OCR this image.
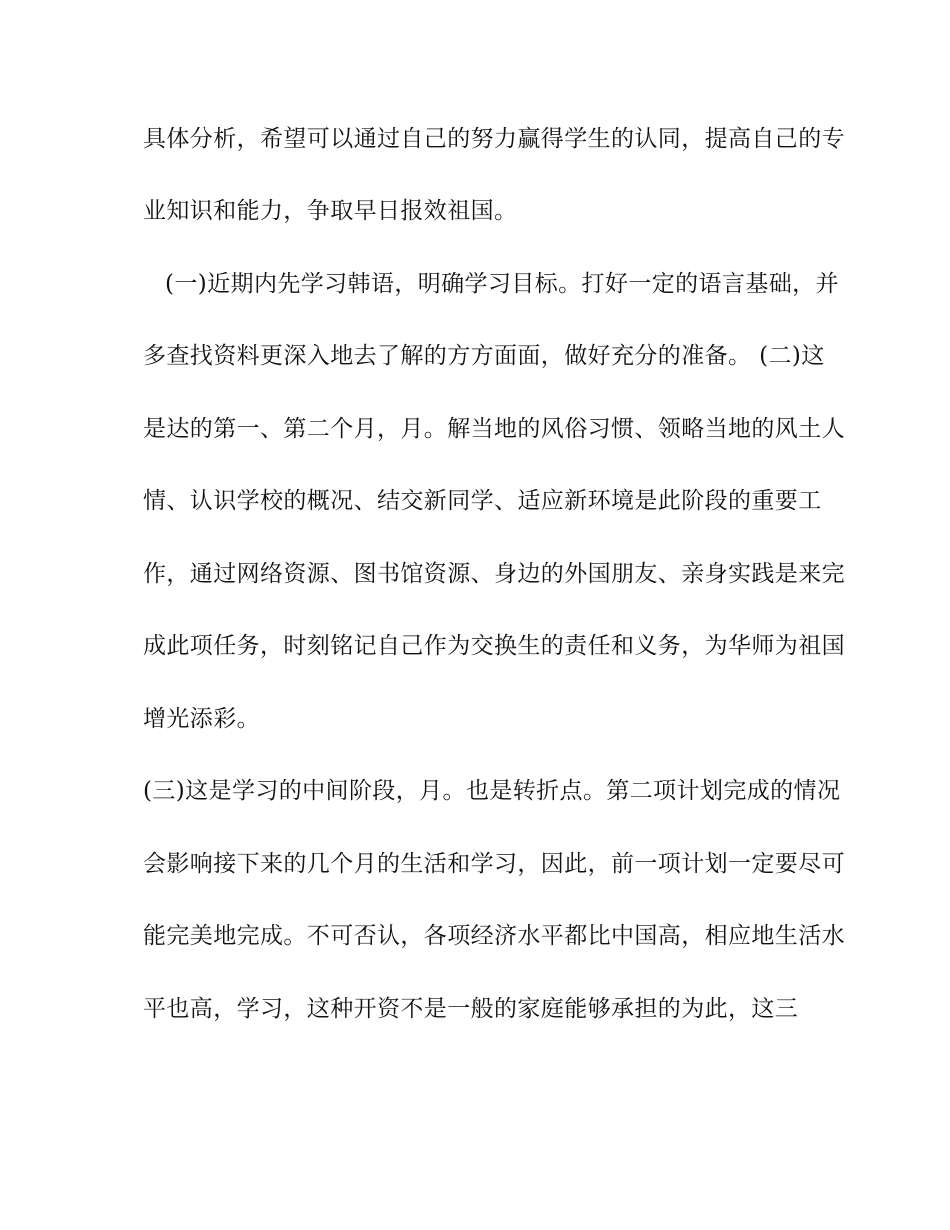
具体分析，希望可以通过自己的努力赢得学生的认同，提高自己的专
业知识和能力，争取早日报效祖国。
(一)近期内先学习韩语，明确学习目标。打好一定的语言基础，并
多查找资料更深入地去了解的方方面面，做好充分的准备。 (二)这
是达的第一、第二个月，月。解当地的风俗习惯、领略当地的风土人
情、认识学校的概况、结交新同学、适应新环境是此阶段的重要工
作，通过网络资源、图书馆资源、身边的外国朋友、亲身实践是来完
成此项任务，时刻铭记自己作为交换生的责任和义务，为华师为祖国
增光添彩。
(三)这是学习的中间阶段，月。也是转折点。第二项计划完成的情况
会影响接下来的几个月的生活和学习，因此，前一项计划一定要尽可
能完美地完成。不可否认，各项经济水平都比中国高，相应地生活水
平也高，学习，这种开资不是一般的家庭能够承担的为此，这三
